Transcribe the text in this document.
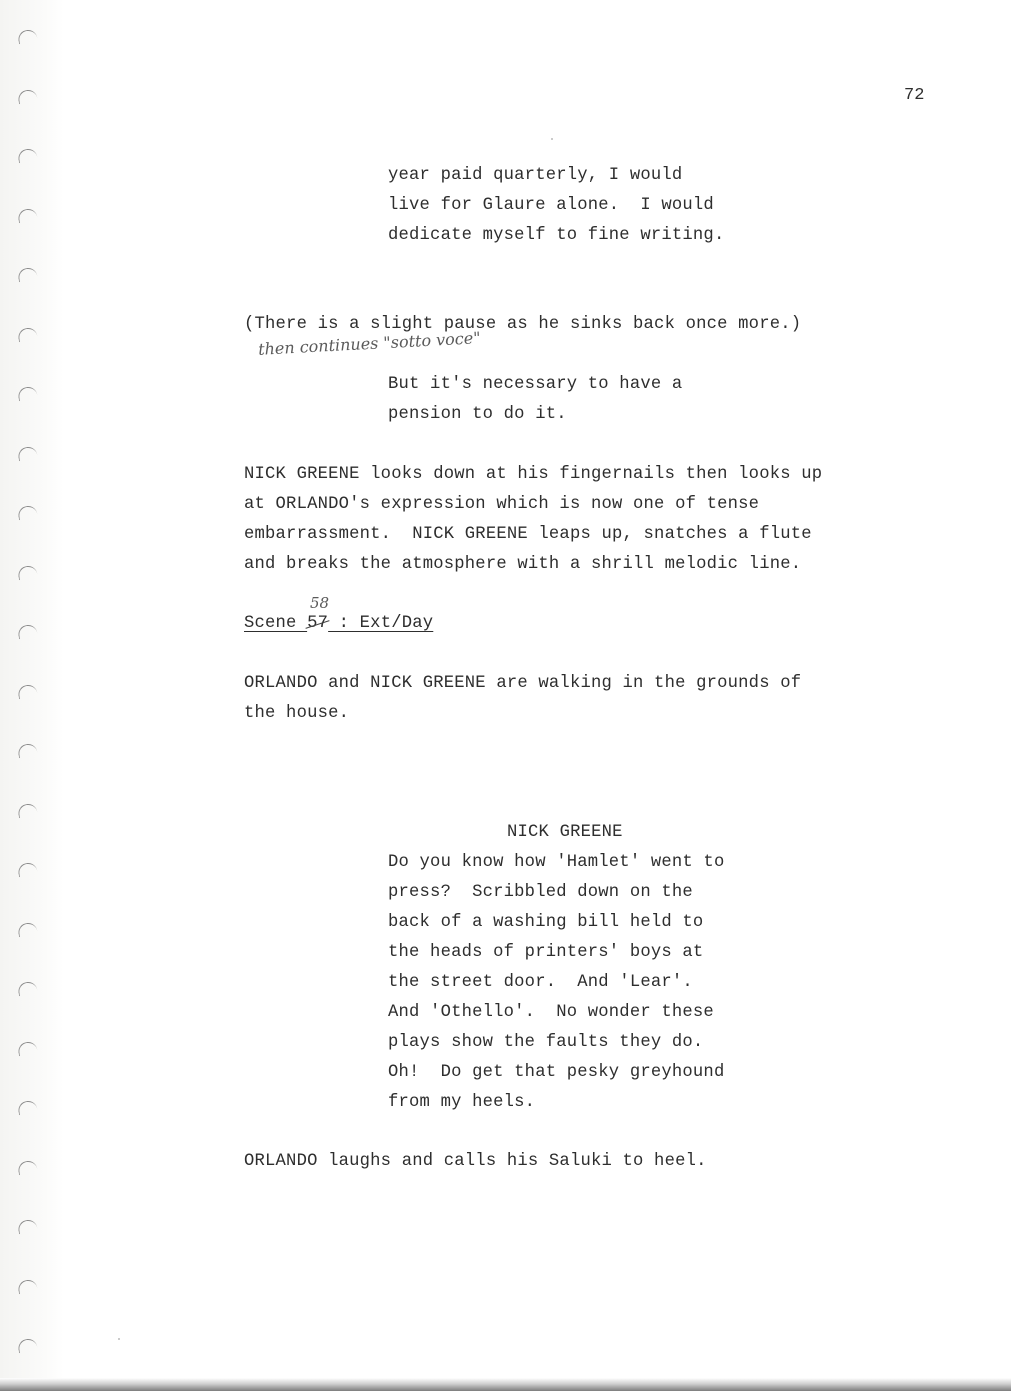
72
year paid quarterly, I would
live for Glaure alone.  I would
dedicate myself to fine writing.
(There is a slight pause as he sinks back once more.)
then continues "sotto voce"
But it's necessary to have a
pension to do it.
NICK GREENE looks down at his fingernails then looks up
at ORLANDO's expression which is now one of tense
embarrassment.  NICK GREENE leaps up, snatches a flute
and breaks the atmosphere with a shrill melodic line.
58
Scene 57 : Ext/Day
ORLANDO and NICK GREENE are walking in the grounds of
the house.
NICK GREENE
Do you know how 'Hamlet' went to
press?  Scribbled down on the
back of a washing bill held to
the heads of printers' boys at
the street door.  And 'Lear'.
And 'Othello'.  No wonder these
plays show the faults they do.
Oh!  Do get that pesky greyhound
from my heels.
ORLANDO laughs and calls his Saluki to heel.
